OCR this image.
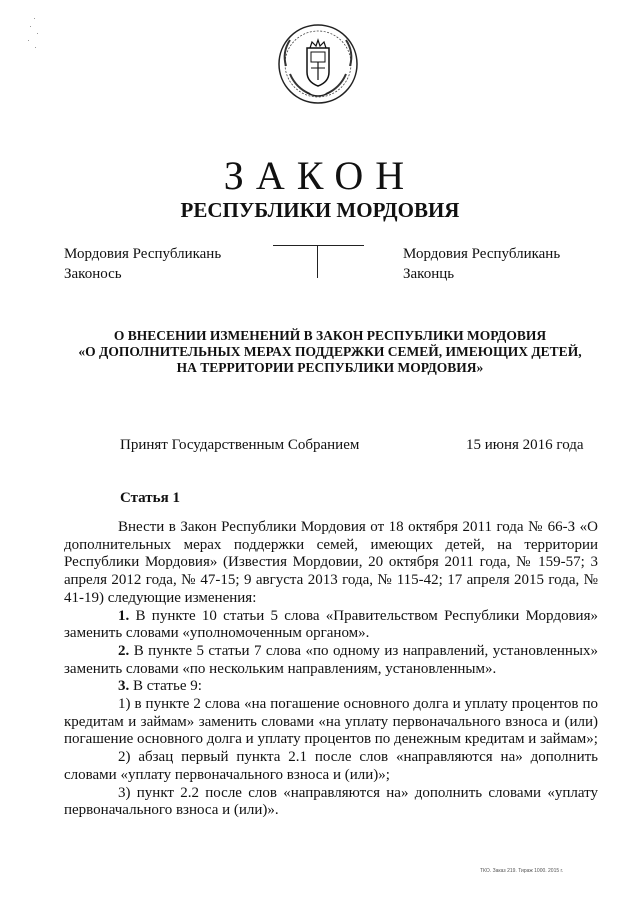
ЗАКОН
РЕСПУБЛИКИ МОРДОВИЯ
Мордовия Республикань
Законось
Мордовия Республикань
Законць
О ВНЕСЕНИИ ИЗМЕНЕНИЙ В ЗАКОН РЕСПУБЛИКИ МОРДОВИЯ
«О ДОПОЛНИТЕЛЬНЫХ МЕРАХ ПОДДЕРЖКИ СЕМЕЙ, ИМЕЮЩИХ ДЕТЕЙ,
НА ТЕРРИТОРИИ РЕСПУБЛИКИ МОРДОВИЯ»
Принят Государственным Собранием	15 июня 2016 года
Статья 1

Внести в Закон Республики Мордовия от 18 октября 2011 года № 66-З «О дополнительных мерах поддержки семей, имеющих детей, на территории Республики Мордовия» (Известия Мордовии, 20 октября 2011 года, № 159-57; 3 апреля 2012 года, № 47-15; 9 августа 2013 года, № 115-42; 17 апреля 2015 года, № 41-19) следующие изменения:

1. В пункте 10 статьи 5 слова «Правительством Республики Мордовия» заменить словами «уполномоченным органом».

2. В пункте 5 статьи 7 слова «по одному из направлений, установленных» заменить словами «по нескольким направлениям, установленным».

3. В статье 9:

1) в пункте 2 слова «на погашение основного долга и уплату процентов по кредитам и займам» заменить словами «на уплату первоначального взноса и (или) погашение основного долга и уплату процентов по денежным кредитам и займам»;

2) абзац первый пункта 2.1 после слов «направляются на» дополнить словами «уплату первоначального взноса и (или)»;

3) пункт 2.2 после слов «направляются на» дополнить словами «уплату первоначального взноса и (или)».

ТКО. Заказ 219. Тираж 1000. 2015 г.
